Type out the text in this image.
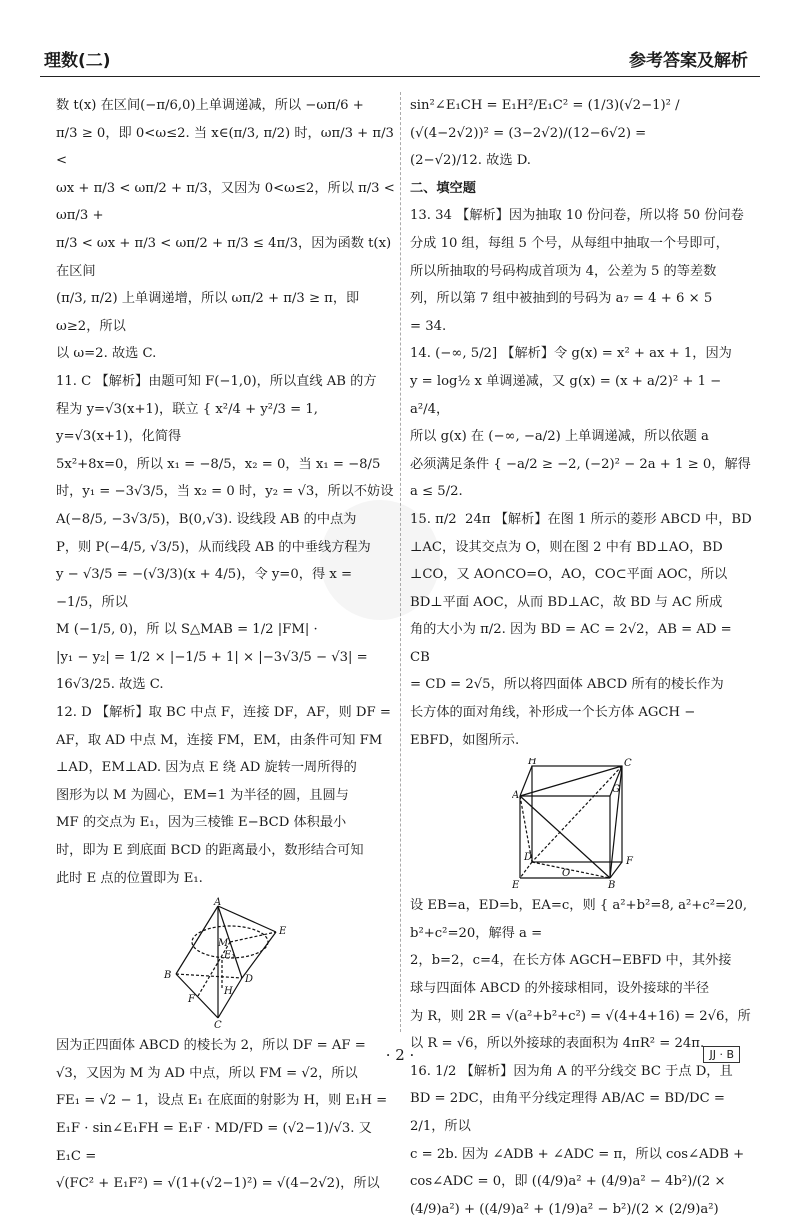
理数(二)	参考答案及解析

数 t(x) 在区间(−π/6,0)上单调递减，所以 −ωπ/6 +

π/3 ≥ 0，即 0<ω≤2. 当 x∈(π/3, π/2) 时，ωπ/3 + π/3 <

ωx + π/3 < ωπ/2 + π/3，又因为 0<ω≤2，所以 π/3 < ωπ/3 +

π/3 < ωx + π/3 < ωπ/2 + π/3 ≤ 4π/3，因为函数 t(x) 在区间

(π/3, π/2) 上单调递增，所以 ωπ/2 + π/3 ≥ π，即 ω≥2，所以

以 ω=2. 故选 C.

11. C 【解析】由题可知 F(−1,0)，所以直线 AB 的方

程为 y=√3(x+1)，联立 { x²/4 + y²/3 = 1, y=√3(x+1)，化简得

5x²+8x=0，所以 x₁ = −8/5，x₂ = 0，当 x₁ = −8/5

时，y₁ = −3√3/5，当 x₂ = 0 时，y₂ = √3，所以不妨设

A(−8/5, −3√3/5)，B(0,√3). 设线段 AB 的中点为

P，则 P(−4/5, √3/5)，从而线段 AB 的中垂线方程为

y − √3/5 = −(√3/3)(x + 4/5)，令 y=0，得 x = −1/5，所以

M (−1/5, 0)，所 以 S△MAB = 1/2 |FM| ·

|y₁ − y₂| = 1/2 × |−1/5 + 1| × |−3√3/5 − √3| =

16√3/25. 故选 C.

12. D 【解析】取 BC 中点 F，连接 DF，AF，则 DF =

AF，取 AD 中点 M，连接 FM，EM，由条件可知 FM

⊥AD，EM⊥AD. 因为点 E 绕 AD 旋转一周所得的

图形为以 M 为圆心，EM=1 为半径的圆，且圆与

MF 的交点为 E₁，因为三棱锥 E−BCD 体积最小

时，即为 E 到底面 BCD 的距离最小，数形结合可知

此时 E 点的位置即为 E₁.

A
B
C
D
E
E₁
F
H
M

因为正四面体 ABCD 的棱长为 2，所以 DF = AF =

√3，又因为 M 为 AD 中点，所以 FM = √2，所以

FE₁ = √2 − 1，设点 E₁ 在底面的射影为 H，则 E₁H =

E₁F · sin∠E₁FH = E₁F · MD/FD = (√2−1)/√3. 又 E₁C =

√(FC² + E₁F²) = √(1+(√2−1)²) = √(4−2√2)，所以

sin²∠E₁CH = E₁H²/E₁C² = (1/3)(√2−1)² / (√(4−2√2))² = (3−2√2)/(12−6√2) =

(2−√2)/12. 故选 D.

二、填空题

13. 34 【解析】因为抽取 10 份问卷，所以将 50 份问卷

分成 10 组，每组 5 个号，从每组中抽取一个号即可，

所以所抽取的号码构成首项为 4，公差为 5 的等差数

列，所以第 7 组中被抽到的号码为 a₇ = 4 + 6 × 5

= 34.

14. (−∞, 5/2] 【解析】令 g(x) = x² + ax + 1，因为

y = log½ x 单调递减，又 g(x) = (x + a/2)² + 1 − a²/4，

所以 g(x) 在 (−∞, −a/2) 上单调递减，所以依题 a

必须满足条件 { −a/2 ≥ −2, (−2)² − 2a + 1 ≥ 0，解得 a ≤ 5/2.

15. π/2  24π 【解析】在图 1 所示的菱形 ABCD 中，BD

⊥AC，设其交点为 O，则在图 2 中有 BD⊥AO，BD

⊥CO，又 AO∩CO=O，AO，CO⊂平面 AOC，所以

BD⊥平面 AOC，从而 BD⊥AC，故 BD 与 AC 所成

角的大小为 π/2. 因为 BD = AC = 2√2，AB = AD = CB

= CD = 2√5，所以将四面体 ABCD 所有的棱长作为

长方体的面对角线，补形成一个长方体 AGCH −

EBFD，如图所示.

A
B
C
D
E
F
G
H
O

设 EB=a，ED=b，EA=c，则 { a²+b²=8, a²+c²=20, b²+c²=20，解得 a =

2，b=2，c=4，在长方体 AGCH−EBFD 中，其外接

球与四面体 ABCD 的外接球相同，设外接球的半径

为 R，则 2R = √(a²+b²+c²) = √(4+4+16) = 2√6，所

以 R = √6，所以外接球的表面积为 4πR² = 24π.

16. 1/2 【解析】因为角 A 的平分线交 BC 于点 D，且

BD = 2DC，由角平分线定理得 AB/AC = BD/DC = 2/1，所以

c = 2b. 因为 ∠ADB + ∠ADC = π，所以 cos∠ADB +

cos∠ADC = 0，即 ((4/9)a² + (4/9)a² − 4b²)/(2 × (4/9)a²) + ((4/9)a² + (1/9)a² − b²)/(2 × (2/9)a²)

· 2 ·	JJ · B
